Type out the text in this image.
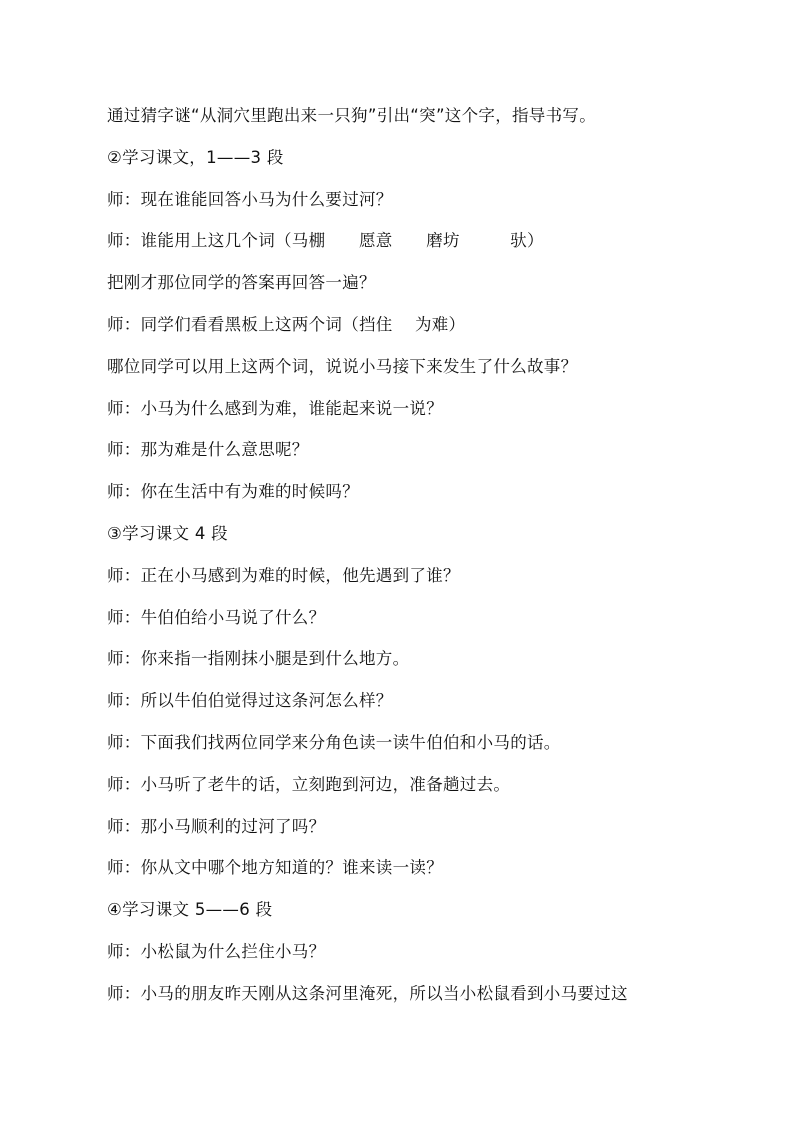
通过猜字谜“从洞穴里跑出来一只狗”引出“突”这个字，指导书写。
②学习课文，1——3 段
师：现在谁能回答小马为什么要过河？
师：谁能用上这几个词（马棚　　愿意　　磨坊　　　驮）
把刚才那位同学的答案再回答一遍？
师：同学们看看黑板上这两个词（挡住　 为难）
哪位同学可以用上这两个词，说说小马接下来发生了什么故事？
师：小马为什么感到为难，谁能起来说一说？
师：那为难是什么意思呢？
师：你在生活中有为难的时候吗？
③学习课文 4 段
师：正在小马感到为难的时候，他先遇到了谁？
师：牛伯伯给小马说了什么？
师：你来指一指刚抹小腿是到什么地方。
师：所以牛伯伯觉得过这条河怎么样？
师：下面我们找两位同学来分角色读一读牛伯伯和小马的话。
师：小马听了老牛的话，立刻跑到河边，准备趟过去。
师：那小马顺利的过河了吗？
师：你从文中哪个地方知道的？谁来读一读？
④学习课文 5——6 段
师：小松鼠为什么拦住小马？
师：小马的朋友昨天刚从这条河里淹死，所以当小松鼠看到小马要过这
